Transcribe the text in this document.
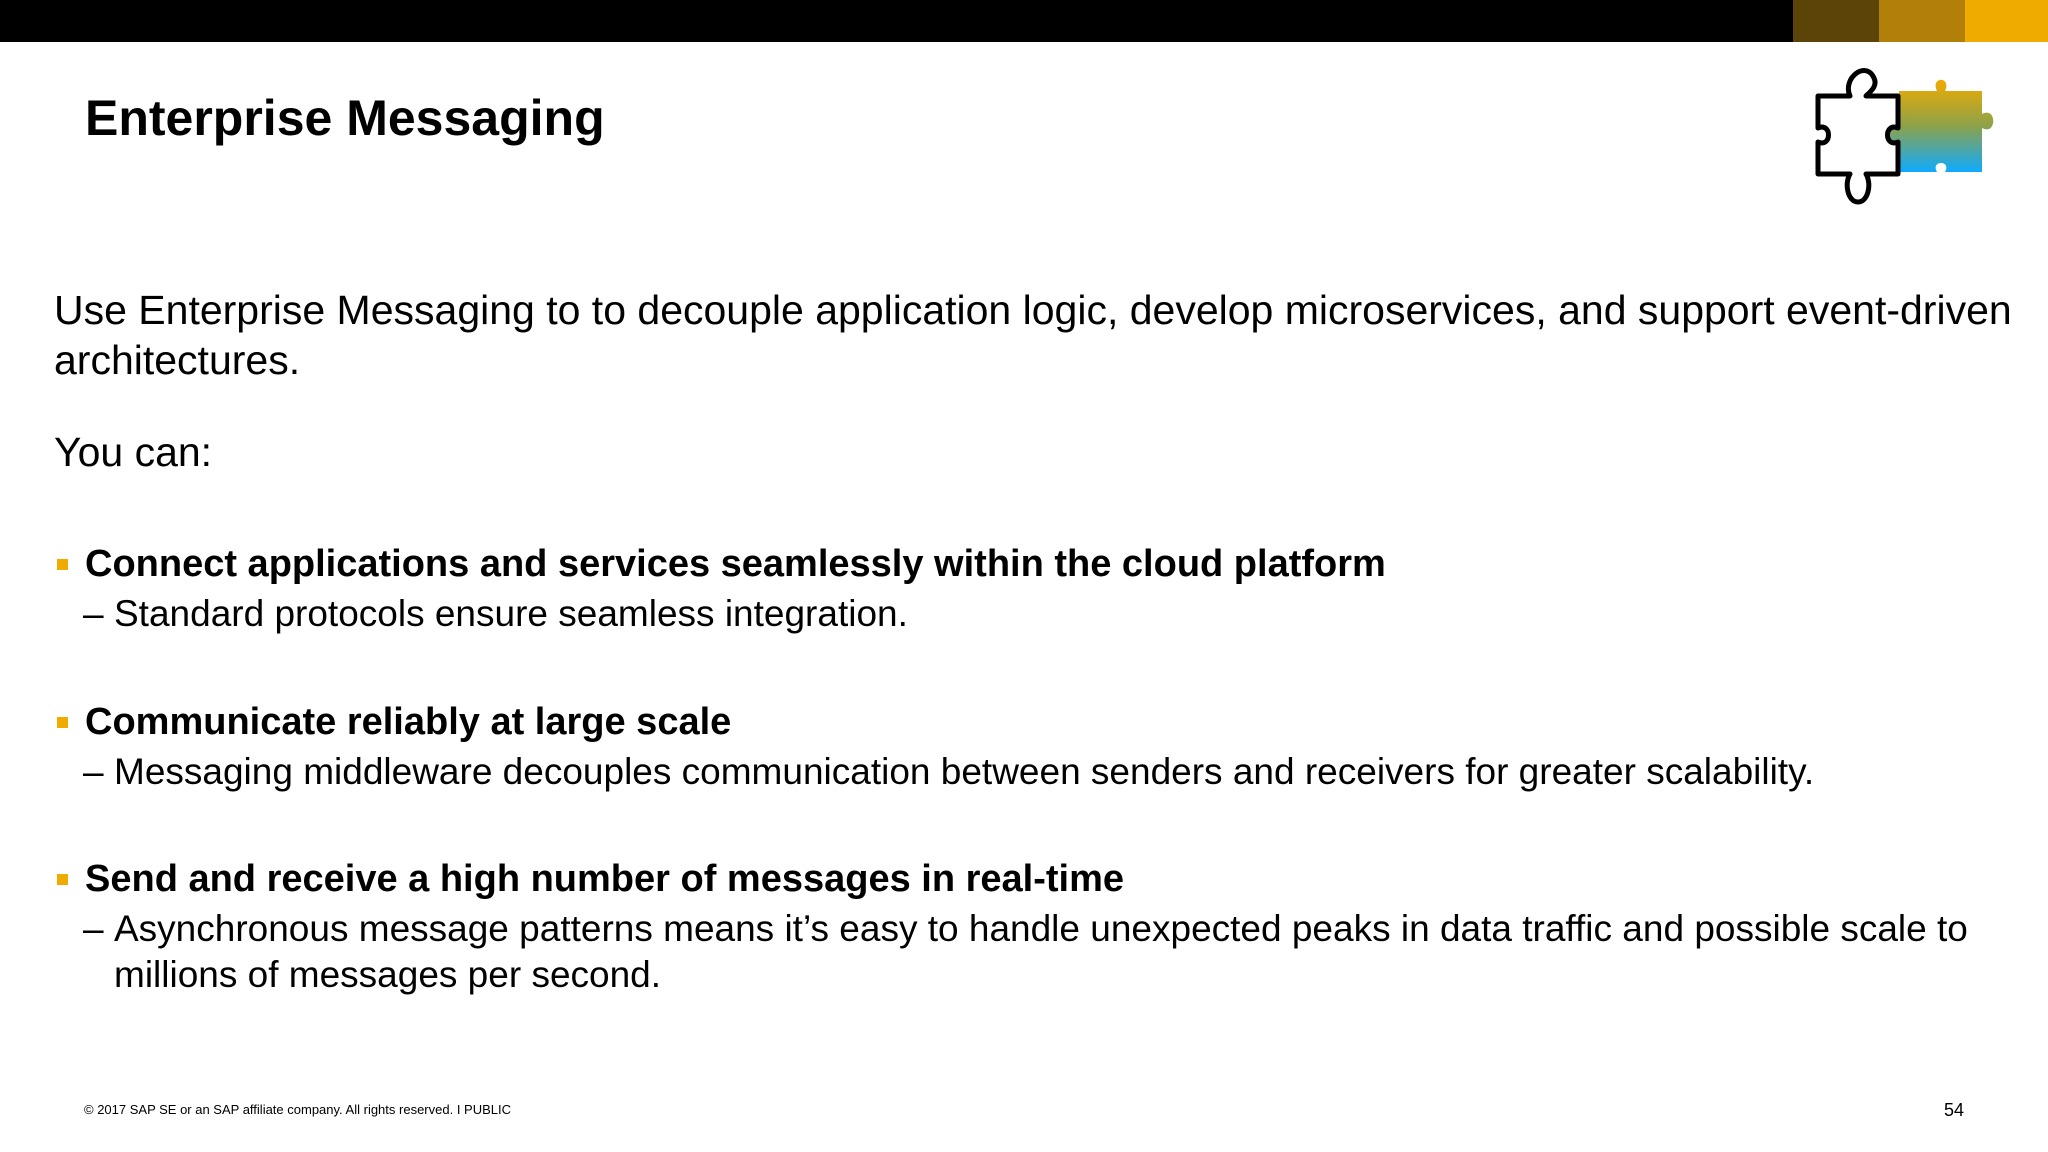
Enterprise Messaging
Use Enterprise Messaging to to decouple application logic, develop microservices, and support event-driven architectures.
You can:
Connect applications and services seamlessly within the cloud platform
– Standard protocols ensure seamless integration.
Communicate reliably at large scale
– Messaging middleware decouples communication between senders and receivers for greater scalability.
Send and receive a high number of messages in real-time
– Asynchronous message patterns means it’s easy to handle unexpected peaks in data traffic and possible scale to millions of messages per second.
© 2017 SAP SE or an SAP affiliate company. All rights reserved. I PUBLIC	54
